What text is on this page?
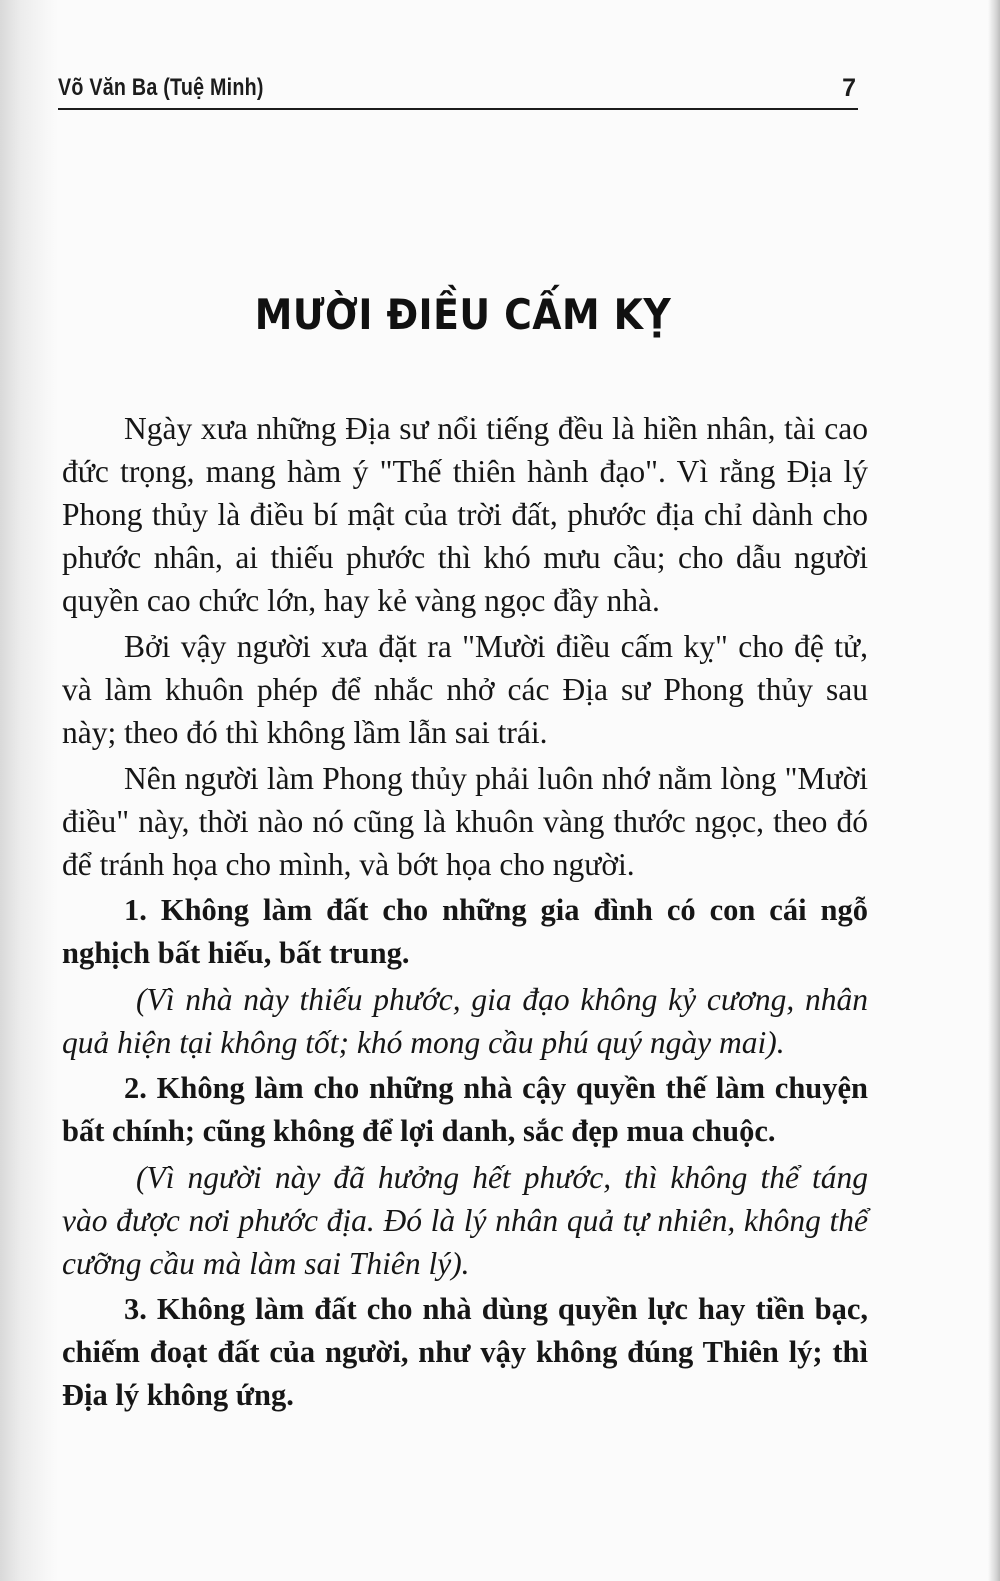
Võ Văn Ba (Tuệ Minh)	7
MƯỜI ĐIỀU CẤM KỴ

Ngày xưa những Địa sư nổi tiếng đều là hiền nhân, tài cao đức trọng, mang hàm ý "Thế thiên hành đạo". Vì rằng Địa lý Phong thủy là điều bí mật của trời đất, phước địa chỉ dành cho phước nhân, ai thiếu phước thì khó mưu cầu; cho dẫu người quyền cao chức lớn, hay kẻ vàng ngọc đầy nhà.

Bởi vậy người xưa đặt ra "Mười điều cấm kỵ" cho đệ tử, và làm khuôn phép để nhắc nhở các Địa sư Phong thủy sau này; theo đó thì không lầm lẫn sai trái.

Nên người làm Phong thủy phải luôn nhớ nằm lòng "Mười điều" này, thời nào nó cũng là khuôn vàng thước ngọc, theo đó để tránh họa cho mình, và bớt họa cho người.

1. Không làm đất cho những gia đình có con cái ngỗ nghịch bất hiếu, bất trung.

(Vì nhà này thiếu phước, gia đạo không kỷ cương, nhân quả hiện tại không tốt; khó mong cầu phú quý ngày mai).

2. Không làm cho những nhà cậy quyền thế làm chuyện bất chính; cũng không để lợi danh, sắc đẹp mua chuộc.

(Vì người này đã hưởng hết phước, thì không thể táng vào được nơi phước địa. Đó là lý nhân quả tự nhiên, không thể cưỡng cầu mà làm sai Thiên lý).

3. Không làm đất cho nhà dùng quyền lực hay tiền bạc, chiếm đoạt đất của người, như vậy không đúng Thiên lý; thì Địa lý không ứng.
